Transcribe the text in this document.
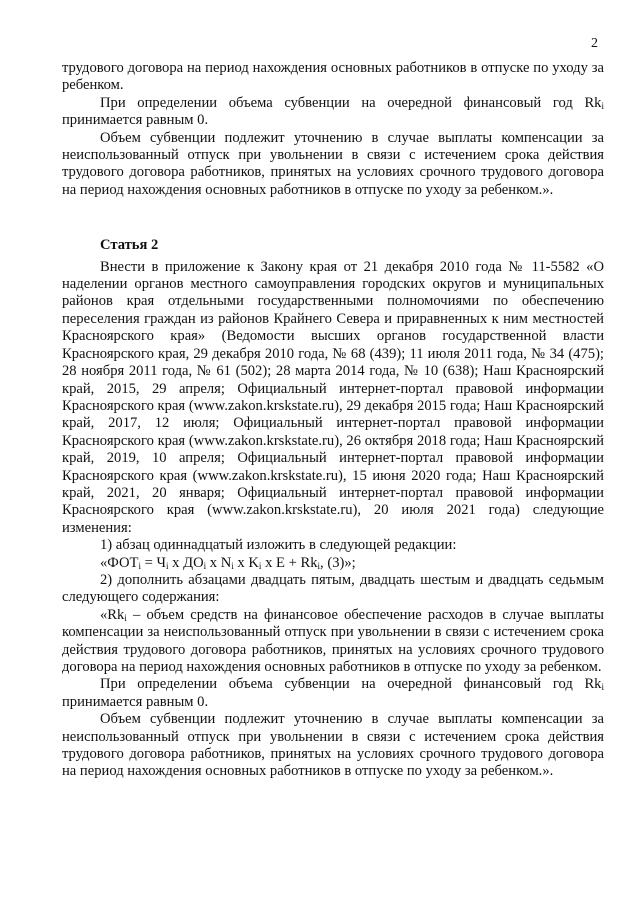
2

трудового договора на период нахождения основных работников в отпуске по уходу за ребенком.

При определении объема субвенции на очередной финансовый год $Rk_i$ принимается равным 0.

Объем субвенции подлежит уточнению в случае выплаты компенсации за неиспользованный отпуск при увольнении в связи с истечением срока действия трудового договора работников, принятых на условиях срочного трудового договора на период нахождения основных работников в отпуске по уходу за ребенком.».

Статья 2

Внести в приложение к Закону края от 21 декабря 2010 года № 11-5582 «О наделении органов местного самоуправления городских округов и муниципальных районов края отдельными государственными полномочиями по обеспечению переселения граждан из районов Крайнего Севера и приравненных к ним местностей Красноярского края» (Ведомости высших органов государственной власти Красноярского края, 29 декабря 2010 года, № 68 (439); 11 июля 2011 года, № 34 (475); 28 ноября 2011 года, № 61 (502); 28 марта 2014 года, № 10 (638); Наш Красноярский край, 2015, 29 апреля; Официальный интернет-портал правовой информации Красноярского края (www.zakon.krskstate.ru), 29 декабря 2015 года; Наш Красноярский край, 2017, 12 июля; Официальный интернет-портал правовой информации Красноярского края (www.zakon.krskstate.ru), 26 октября 2018 года; Наш Красноярский край, 2019, 10 апреля; Официальный интернет-портал правовой информации Красноярского края (www.zakon.krskstate.ru), 15 июня 2020 года; Наш Красноярский край, 2021, 20 января; Официальный интернет-портал правовой информации Красноярского края (www.zakon.krskstate.ru), 20 июля 2021 года) следующие изменения:

1) абзац одиннадцатый изложить в следующей редакции:

«$ФОТ_i = Ч_i$ x $ДО_i$ x $N_i$ x $K_i$ x $Е + Rk_i$, (3)»;

2) дополнить абзацами двадцать пятым, двадцать шестым и двадцать седьмым следующего содержания:

«$Rk_i$ – объем средств на финансовое обеспечение расходов в случае выплаты компенсации за неиспользованный отпуск при увольнении в связи с истечением срока действия трудового договора работников, принятых на условиях срочного трудового договора на период нахождения основных работников в отпуске по уходу за ребенком.

При определении объема субвенции на очередной финансовый год $Rk_i$ принимается равным 0.

Объем субвенции подлежит уточнению в случае выплаты компенсации за неиспользованный отпуск при увольнении в связи с истечением срока действия трудового договора работников, принятых на условиях срочного трудового договора на период нахождения основных работников в отпуске по уходу за ребенком.».
